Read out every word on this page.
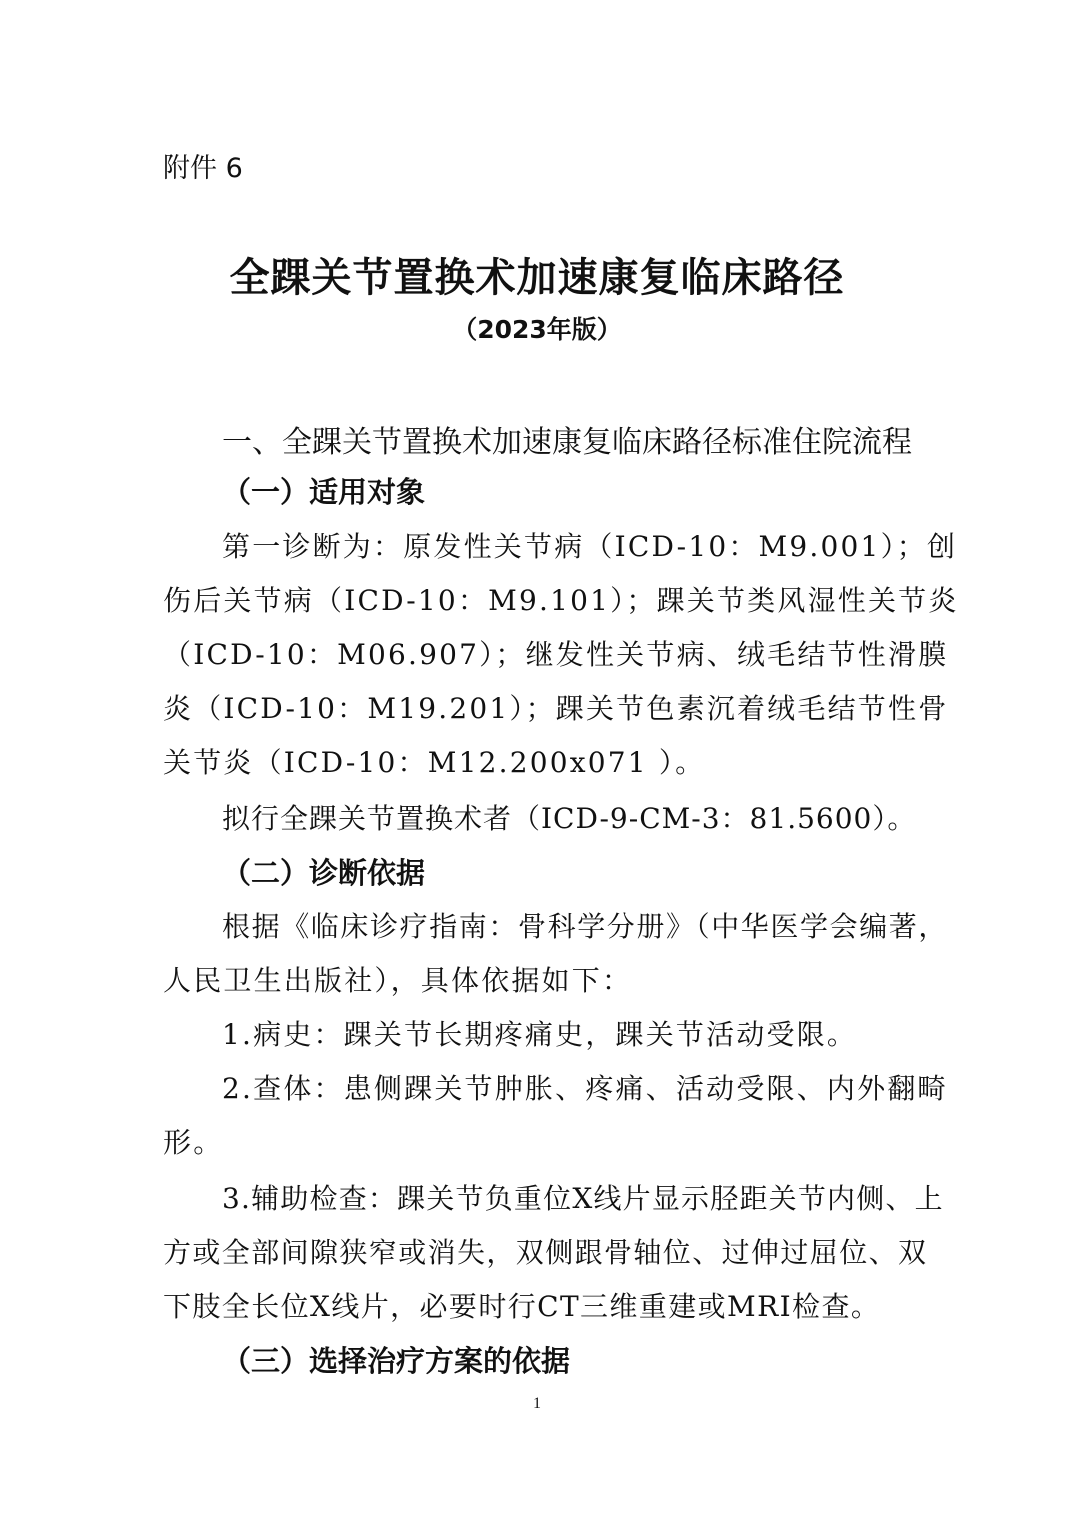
附件 6

全踝关节置换术加速康复临床路径

（2023年版）

一、全踝关节置换术加速康复临床路径标准住院流程

（一）适用对象

第一诊断为：原发性关节病（ICD-10：M9.001）；创

伤后关节病（ICD-10：M9.101）；踝关节类风湿性关节炎

（ICD-10：M06.907）；继发性关节病、绒毛结节性滑膜

炎（ICD-10：M19.201）；踝关节色素沉着绒毛结节性骨

关节炎（ICD-10：M12.200x071 ）。

拟行全踝关节置换术者（ICD-9-CM-3：81.5600）。

（二）诊断依据

根据《临床诊疗指南：骨科学分册》（中华医学会编著，

人民卫生出版社），具体依据如下：

1.病史：踝关节长期疼痛史，踝关节活动受限。

2.查体：患侧踝关节肿胀、疼痛、活动受限、内外翻畸

形。

3.辅助检查：踝关节负重位X线片显示胫距关节内侧、上

方或全部间隙狭窄或消失，双侧跟骨轴位、过伸过屈位、双

下肢全长位X线片，必要时行CT三维重建或MRI检查。

（三）选择治疗方案的依据

1
